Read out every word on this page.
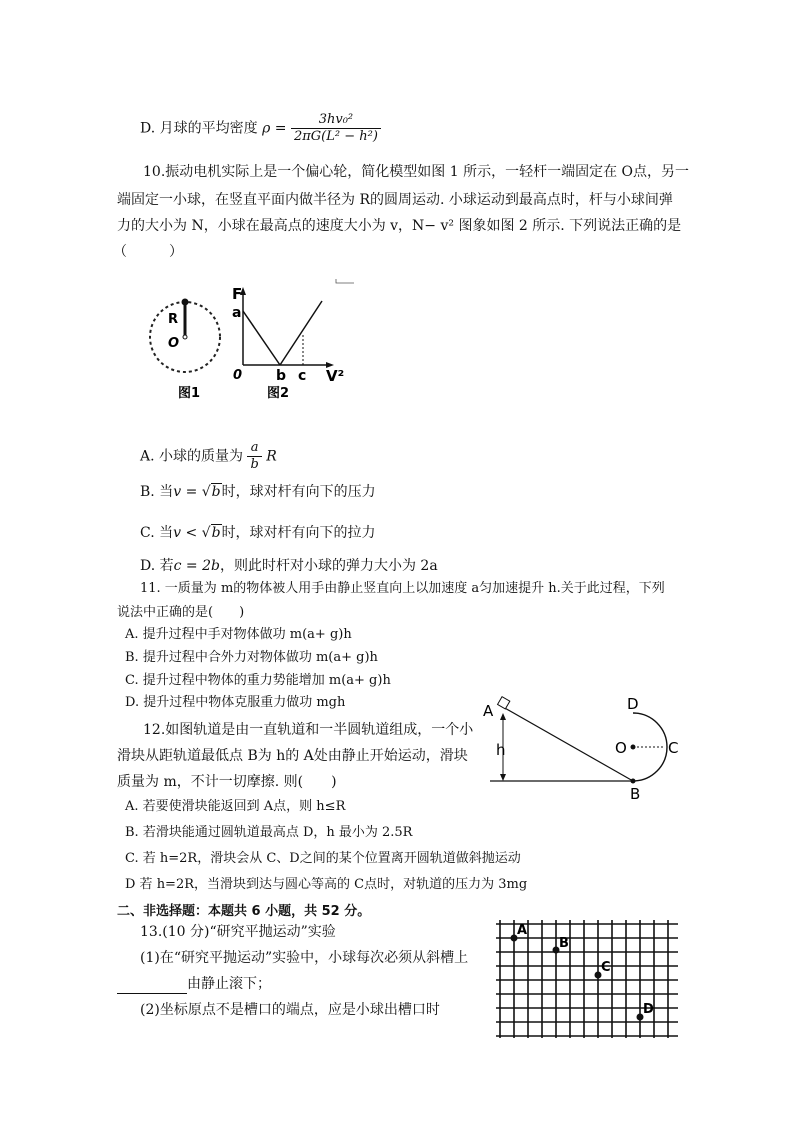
D. 月球的平均密度 $\rho = \frac{\text{3hv₀²}}{\text{2πG(L² − h²)}}$
10.振动电机实际上是一个偏心轮，简化模型如图 1 所示，一轻杆一端固定在 O点，另一
端固定一小球，在竖直平面内做半径为 R的圆周运动. 小球运动到最高点时，杆与小球间弹
力的大小为 N，小球在最高点的速度大小为 v，N− v² 图象如图 2 所示. 下列说法正确的是
（　　　）
R
O
图1
F
a
0 b c V²
图2
A. 小球的质量为 $\frac{a}{b}$ R
B. 当v = √b时，球对杆有向下的压力
C. 当v < √b时，球对杆有向下的拉力
D. 若c = 2b，则此时杆对小球的弹力大小为 2a
11. 一质量为 m的物体被人用手由静止竖直向上以加速度 a匀加速提升 h.关于此过程，下列
说法中正确的是(　　)
A. 提升过程中手对物体做功 m(a+ g)h
B. 提升过程中合外力对物体做功 m(a+ g)h
C. 提升过程中物体的重力势能增加 m(a+ g)h
D. 提升过程中物体克服重力做功 mgh
12.如图轨道是由一直轨道和一半圆轨道组成，一个小
滑块从距轨道最低点 B为 h的 A处由静止开始运动，滑块
质量为 m，不计一切摩擦. 则(　　)
A. 若要使滑块能返回到 A点，则 h≤R
B. 若滑块能通过圆轨道最高点 D，h 最小为 2.5R
C. 若 h=2R，滑块会从 C、D之间的某个位置离开圆轨道做斜抛运动
D 若 h=2R，当滑块到达与圆心等高的 C点时，对轨道的压力为 3mg
A
h
B
O	C
D
二、非选择题：本题共 6 小题，共 52 分。
13.(10 分)“研究平抛运动”实验
(1)在“研究平抛运动”实验中，小球每次必须从斜槽上
由静止滚下；
(2)坐标原点不是槽口的端点，应是小球出槽口时
A
B
C
D
